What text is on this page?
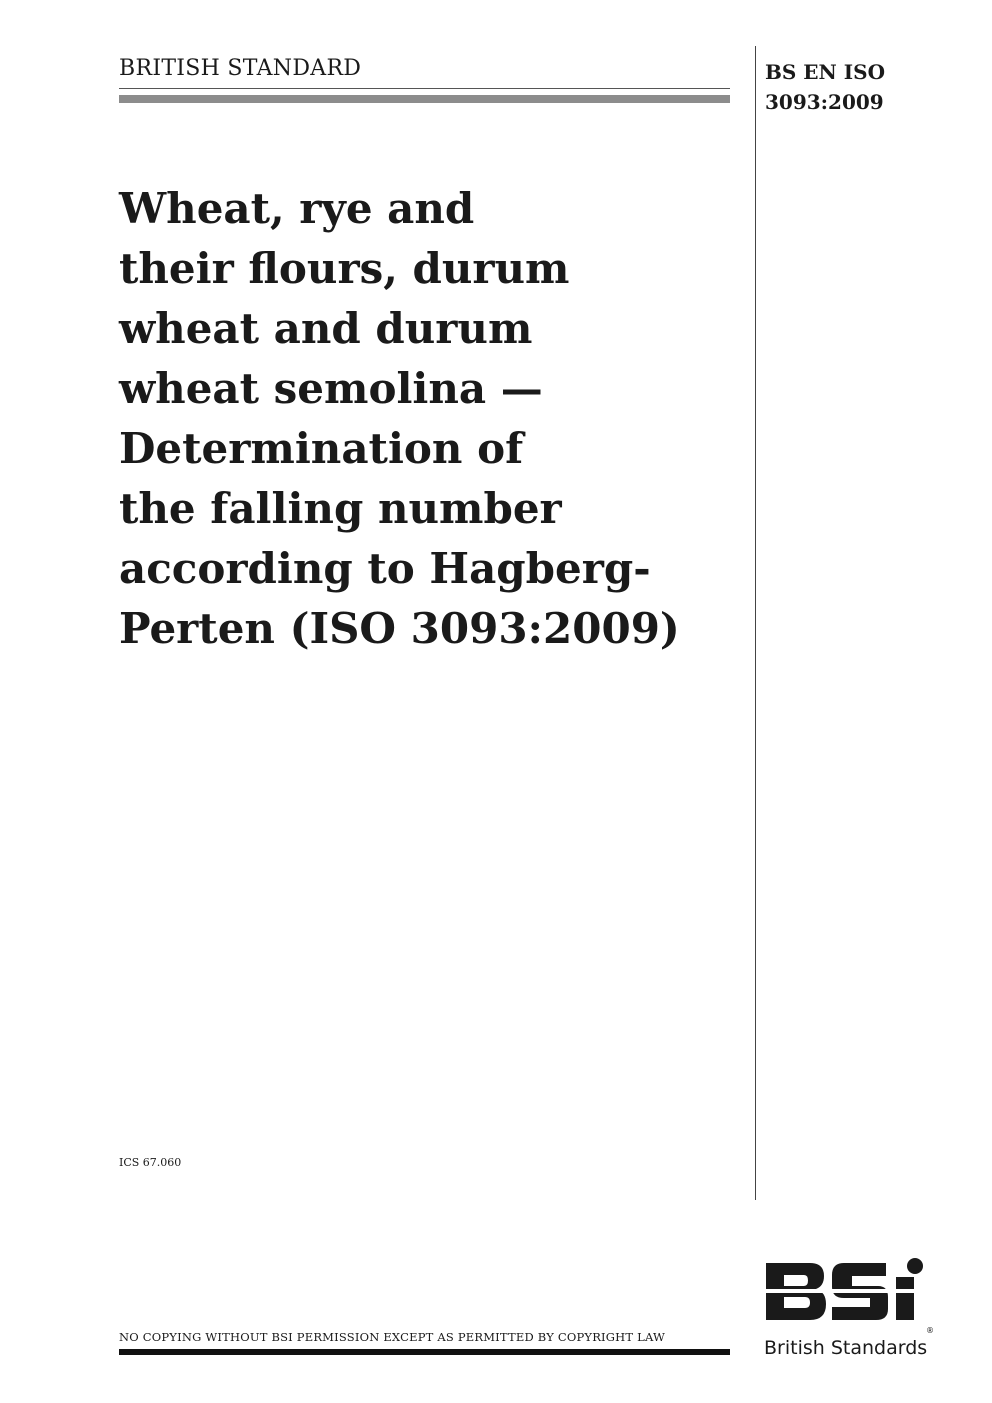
BRITISH STANDARD	BS EN ISO
3093:2009
Wheat, rye and
their flours, durum
wheat and durum
wheat semolina —
Determination of
the falling number
according to Hagberg-
Perten (ISO 3093:2009)
ICS 67.060
NO COPYING WITHOUT BSI PERMISSION EXCEPT AS PERMITTED BY COPYRIGHT LAW	®
British Standards
